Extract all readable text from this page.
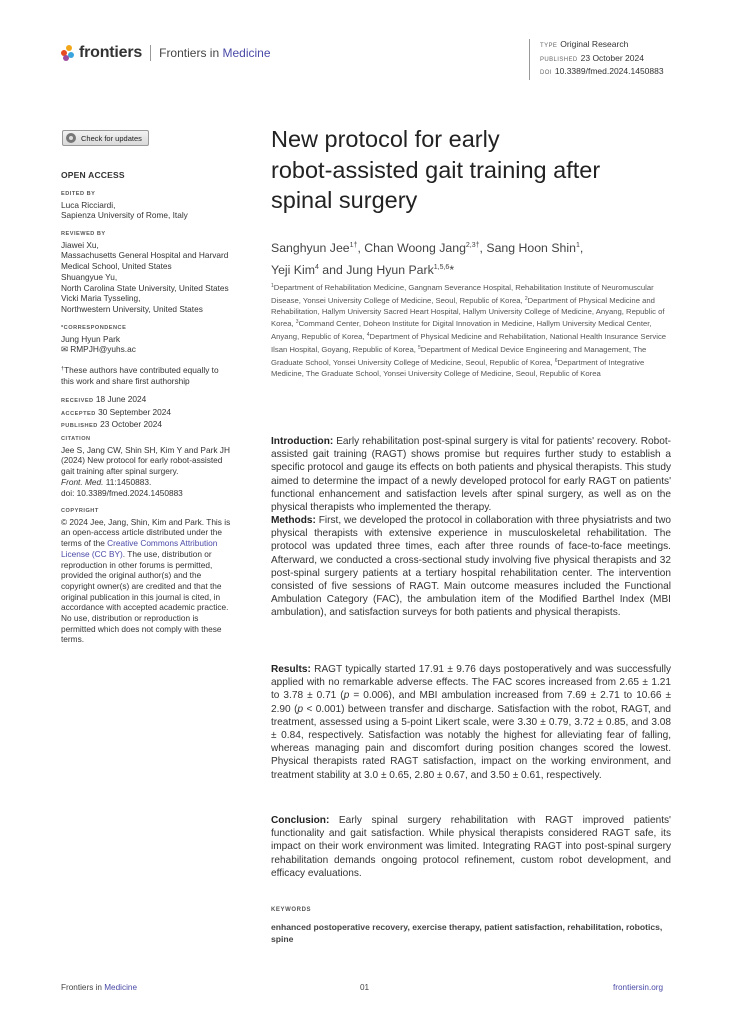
frontiers Frontiers in Medicine	TYPE Original Research
PUBLISHED 23 October 2024
DOI 10.3389/fmed.2024.1450883
Check for updates
OPEN ACCESS
EDITED BY
Luca Ricciardi,
Sapienza University of Rome, Italy
REVIEWED BY
Jiawei Xu,
Massachusetts General Hospital and Harvard
Medical School, United States
Shuangyue Yu,
North Carolina State University, United States
Vicki Maria Tysseling,
Northwestern University, United States
*CORRESPONDENCE
Jung Hyun Park
✉ RMPJH@yuhs.ac
†These authors have contributed equally to
this work and share first authorship
RECEIVED 18 June 2024
ACCEPTED 30 September 2024
PUBLISHED 23 October 2024
CITATION
Jee S, Jang CW, Shin SH, Kim Y and Park JH
(2024) New protocol for early robot-assisted
gait training after spinal surgery.
Front. Med. 11:1450883.
doi: 10.3389/fmed.2024.1450883
COPYRIGHT
© 2024 Jee, Jang, Shin, Kim and Park. This is
an open-access article distributed under the
terms of the Creative Commons Attribution
License (CC BY). The use, distribution or
reproduction in other forums is permitted,
provided the original author(s) and the
copyright owner(s) are credited and that the
original publication in this journal is cited, in
accordance with accepted academic practice.
No use, distribution or reproduction is
permitted which does not comply with these
terms.
New protocol for early
robot-assisted gait training after
spinal surgery
Sanghyun Jee$^{1\dagger}$, Chan Woong Jang$^{2,3\dagger}$, Sang Hoon Shin$^1$,
Yeji Kim$^4$ and Jung Hyun Park$^{1,5,6}$*
$^1$Department of Rehabilitation Medicine, Gangnam Severance Hospital, Rehabilitation Institute of Neuromuscular Disease, Yonsei University College of Medicine, Seoul, Republic of Korea, $^2$Department of Physical Medicine and Rehabilitation, Hallym University Sacred Heart Hospital, Hallym University College of Medicine, Anyang, Republic of Korea, $^3$Command Center, Doheon Institute for Digital Innovation in Medicine, Hallym University Medical Center, Anyang, Republic of Korea, $^4$Department of Physical Medicine and Rehabilitation, National Health Insurance Service Ilsan Hospital, Goyang, Republic of Korea, $^5$Department of Medical Device Engineering and Management, The Graduate School, Yonsei University College of Medicine, Seoul, Republic of Korea, $^6$Department of Integrative Medicine, The Graduate School, Yonsei University College of Medicine, Seoul, Republic of Korea
Introduction: Early rehabilitation post-spinal surgery is vital for patients' recovery. Robot-assisted gait training (RAGT) shows promise but requires further study to establish a specific protocol and gauge its effects on both patients and physical therapists. This study aimed to determine the impact of a newly developed protocol for early RAGT on patients' functional enhancement and satisfaction levels after spinal surgery, as well as on the physical therapists who implemented the therapy.
Methods: First, we developed the protocol in collaboration with three physiatrists and two physical therapists with extensive experience in musculoskeletal rehabilitation. The protocol was updated three times, each after three rounds of face-to-face meetings. Afterward, we conducted a cross-sectional study involving five physical therapists and 32 post-spinal surgery patients at a tertiary hospital rehabilitation center. The intervention consisted of five sessions of RAGT. Main outcome measures included the Functional Ambulation Category (FAC), the ambulation item of the Modified Barthel Index (MBI ambulation), and satisfaction surveys for both patients and physical therapists.
Results: RAGT typically started 17.91 ± 9.76 days postoperatively and was successfully applied with no remarkable adverse effects. The FAC scores increased from 2.65 ± 1.21 to 3.78 ± 0.71 (p = 0.006), and MBI ambulation increased from 7.69 ± 2.71 to 10.66 ± 2.90 (p < 0.001) between transfer and discharge. Satisfaction with the robot, RAGT, and treatment, assessed using a 5-point Likert scale, were 3.30 ± 0.79, 3.72 ± 0.85, and 3.08 ± 0.84, respectively. Satisfaction was notably the highest for alleviating fear of falling, whereas managing pain and discomfort during position changes scored the lowest. Physical therapists rated RAGT satisfaction, impact on the working environment, and treatment stability at 3.0 ± 0.65, 2.80 ± 0.67, and 3.50 ± 0.61, respectively.
Conclusion: Early spinal surgery rehabilitation with RAGT improved patients' functionality and gait satisfaction. While physical therapists considered RAGT safe, its impact on their work environment was limited. Integrating RAGT into post-spinal surgery rehabilitation demands ongoing protocol refinement, custom robot development, and efficacy evaluations.
KEYWORDS
enhanced postoperative recovery, exercise therapy, patient satisfaction, rehabilitation, robotics, spine
Frontiers in Medicine	01	frontiersin.org
